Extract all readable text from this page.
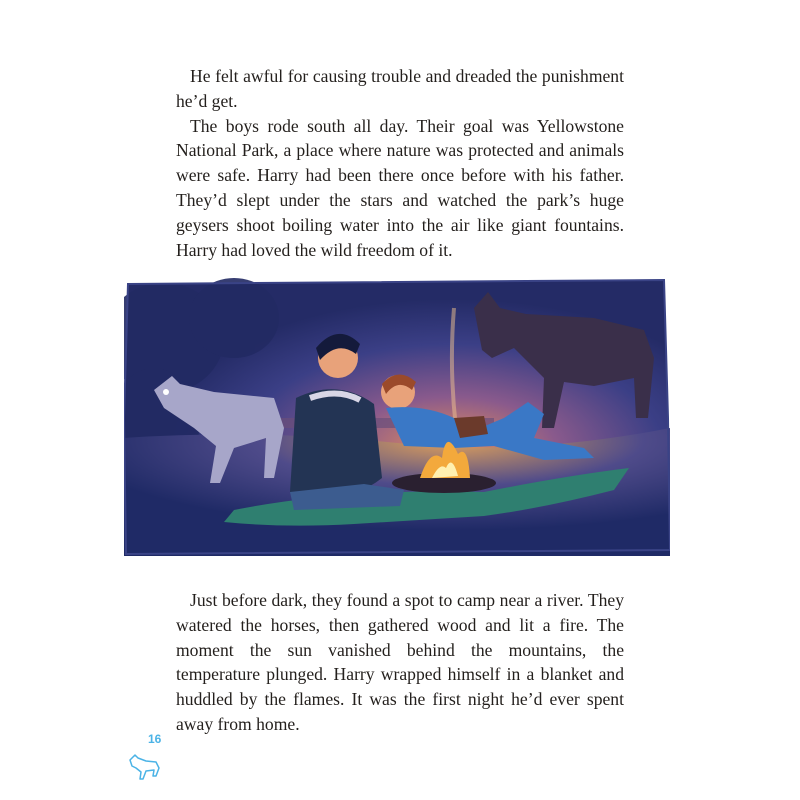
He felt awful for causing trouble and dreaded the punishment he’d get.

The boys rode south all day. Their goal was Yellowstone National Park, a place where nature was protected and animals were safe. Harry had been there once before with his father. They’d slept under the stars and watched the park’s huge geysers shoot boiling water into the air like giant fountains. Harry had loved the wild freedom of it.

Just before dark, they found a spot to camp near a river. They watered the horses, then gathered wood and lit a fire. The moment the sun vanished behind the mountains, the temperature plunged. Harry wrapped himself in a blanket and huddled by the flames. It was the first night he’d ever spent away from home.

16
